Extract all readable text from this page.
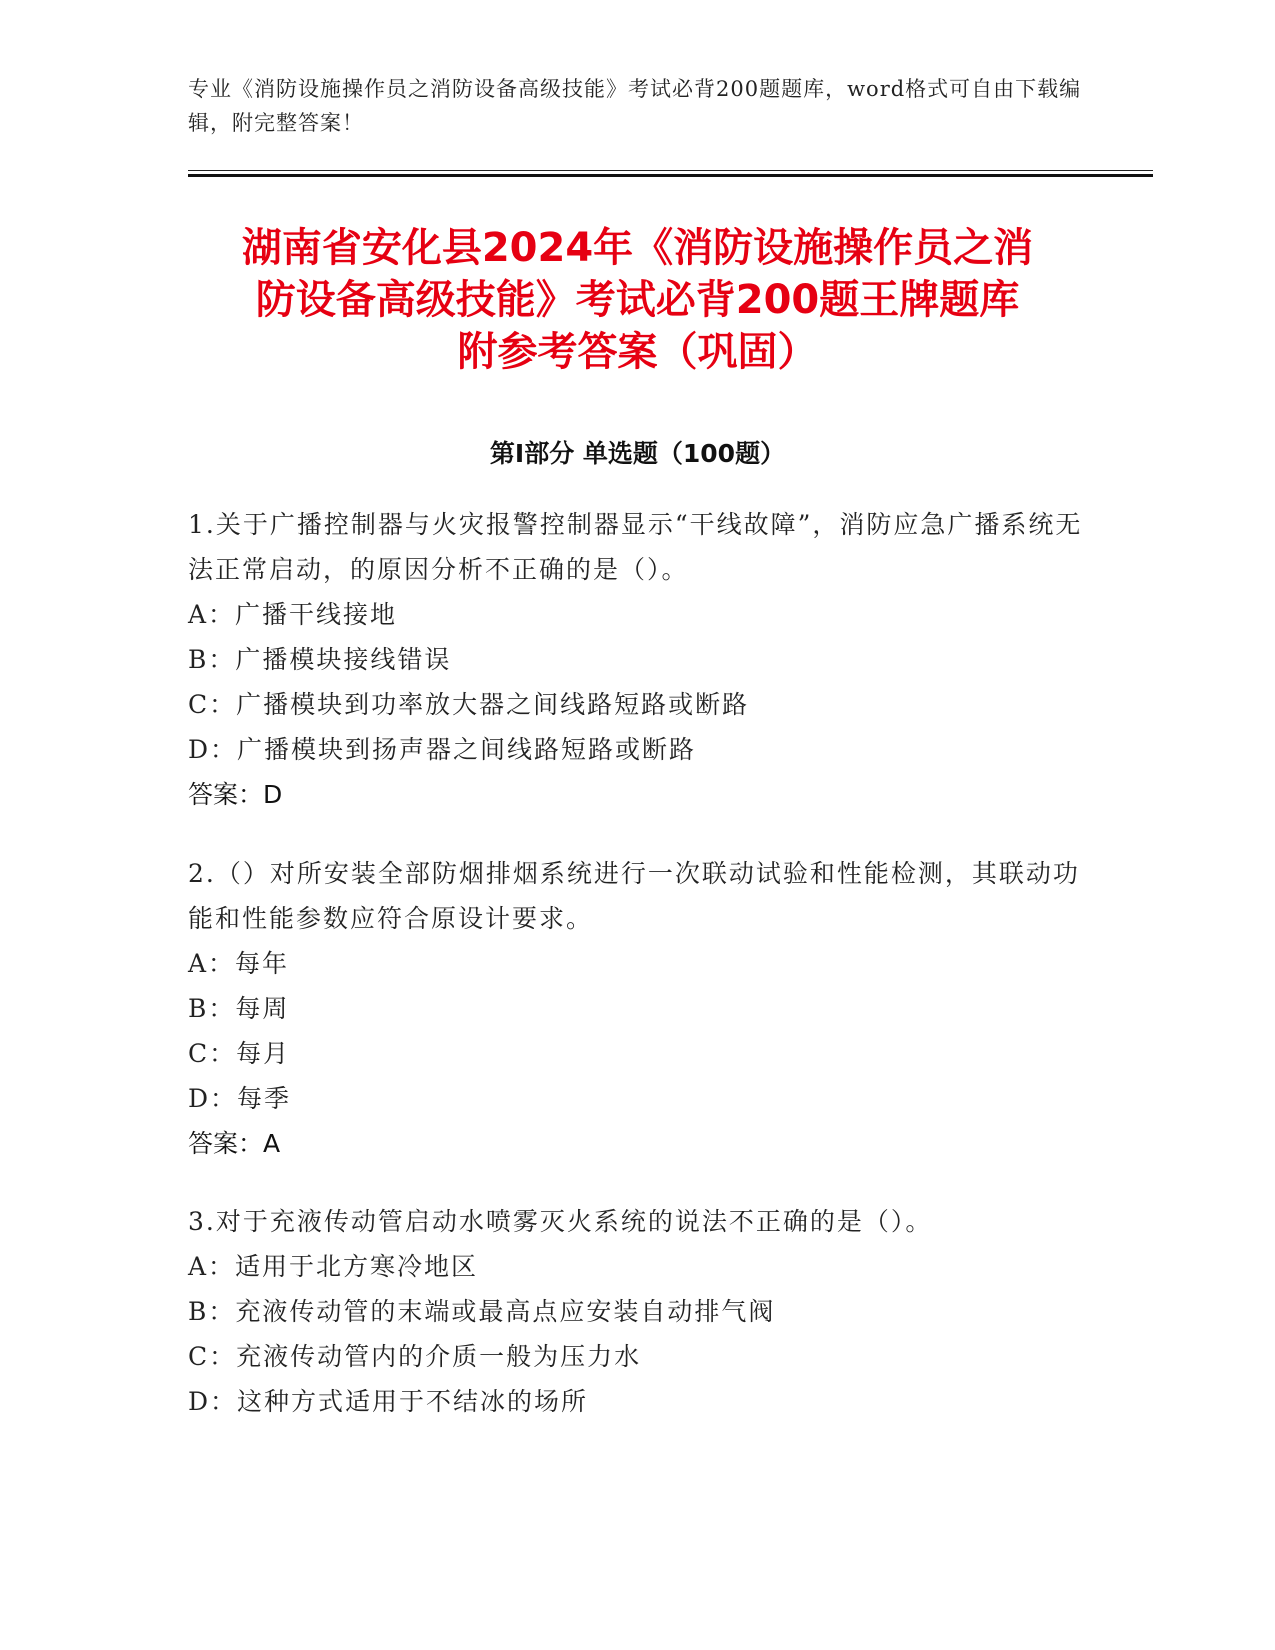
专业《消防设施操作员之消防设备高级技能》考试必背200题题库，word格式可自由下载编辑，附完整答案！
湖南省安化县2024年《消防设施操作员之消
防设备高级技能》考试必背200题王牌题库
附参考答案（巩固）
第Ⅰ部分 单选题（100题）
1.关于广播控制器与火灾报警控制器显示“干线故障”，消防应急广播系统无法正常启动，的原因分析不正确的是（）。
A：广播干线接地
B：广播模块接线错误
C：广播模块到功率放大器之间线路短路或断路
D：广播模块到扬声器之间线路短路或断路
答案：D
2.（）对所安装全部防烟排烟系统进行一次联动试验和性能检测，其联动功能和性能参数应符合原设计要求。
A：每年
B：每周
C：每月
D：每季
答案：A
3.对于充液传动管启动水喷雾灭火系统的说法不正确的是（）。
A：适用于北方寒冷地区
B：充液传动管的末端或最高点应安装自动排气阀
C：充液传动管内的介质一般为压力水
D：这种方式适用于不结冰的场所
